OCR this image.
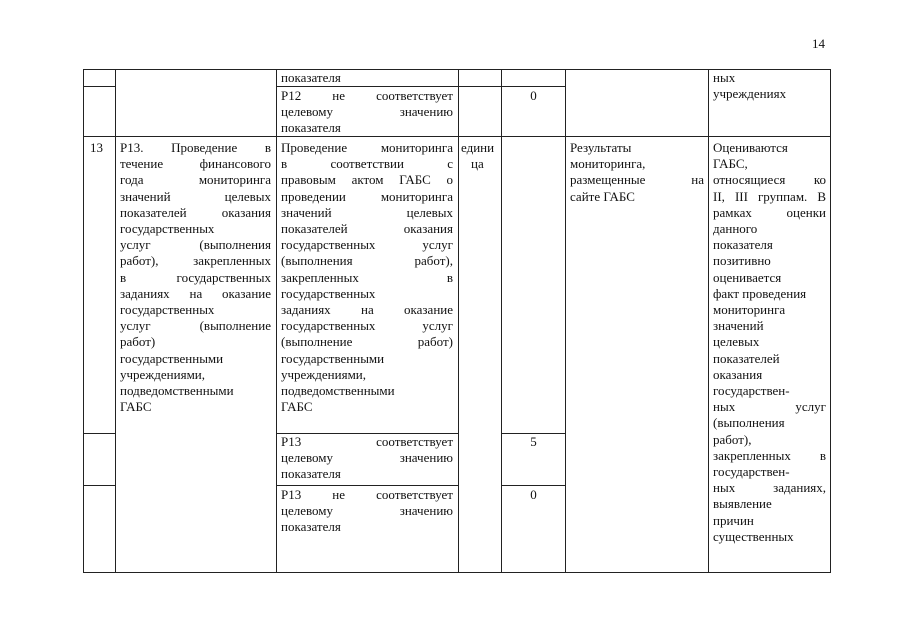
14
показателя
Р12 не соответствует
целевому значению
показателя
0
ных
учреждениях
13	Р13. Проведение в
течение финансового
года мониторинга
значений целевых
показателей оказания
государственных
услуг (выполнения
работ), закрепленных
в государственных
заданиях на оказание
государственных
услуг (выполнение
работ)
государственными
учреждениями,
подведомственными
ГАБС
Проведение мониторинга
в соответствии с
правовым актом ГАБС о
проведении мониторинга
значений целевых
показателей оказания
государственных услуг
(выполнения работ),
закрепленных в
государственных
заданиях на оказание
государственных услуг
(выполнение работ)
государственными
учреждениями,
подведомственными
ГАБС
едини
ца
Результаты
мониторинга,
размещенные на
сайте ГАБС
Оцениваются
ГАБС,
относящиеся ко
II, III группам. В
рамках оценки
данного
показателя
позитивно
оценивается
факт проведения
мониторинга
значений
целевых
показателей
оказания
государствен-
ных услуг
(выполнения
работ),
закрепленных в
государствен-
ных заданиях,
выявление
причин
существенных
Р13 соответствует
целевому значению
показателя
5
Р13 не соответствует
целевому значению
показателя
0
